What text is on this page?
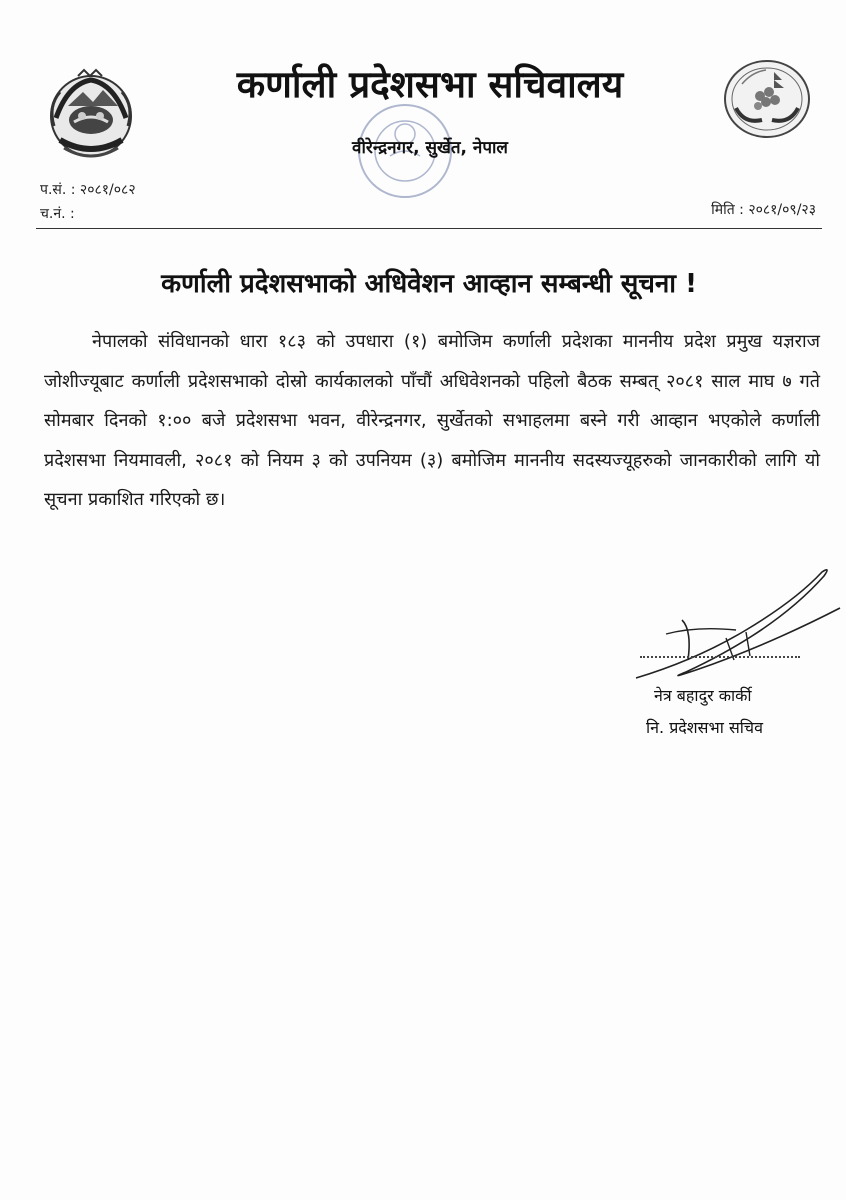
कर्णाली प्रदेशसभा सचिवालय
वीरेन्द्रनगर, सुर्खेत, नेपाल
प.सं. : २०८१/०८२
च.नं. :	मिति : २०८१/०९/२३
कर्णाली प्रदेशसभाको अधिवेशन आव्हान सम्बन्धी सूचना !

नेपालको संविधानको धारा १८३ को उपधारा (१) बमोजिम कर्णाली प्रदेशका माननीय प्रदेश प्रमुख यज्ञराज जोशीज्यूबाट कर्णाली प्रदेशसभाको दोस्रो कार्यकालको पाँचौं अधिवेशनको पहिलो बैठक सम्बत् २०८१ साल माघ ७ गते सोमबार दिनको १:०० बजे प्रदेशसभा भवन, वीरेन्द्रनगर, सुर्खेतको सभाहलमा बस्ने गरी आव्हान भएकोले कर्णाली प्रदेशसभा नियमावली, २०८१ को नियम ३ को उपनियम (३) बमोजिम माननीय सदस्यज्यूहरुको जानकारीको लागि यो सूचना प्रकाशित गरिएको छ।

नेत्र बहादुर कार्की
नि. प्रदेशसभा सचिव
